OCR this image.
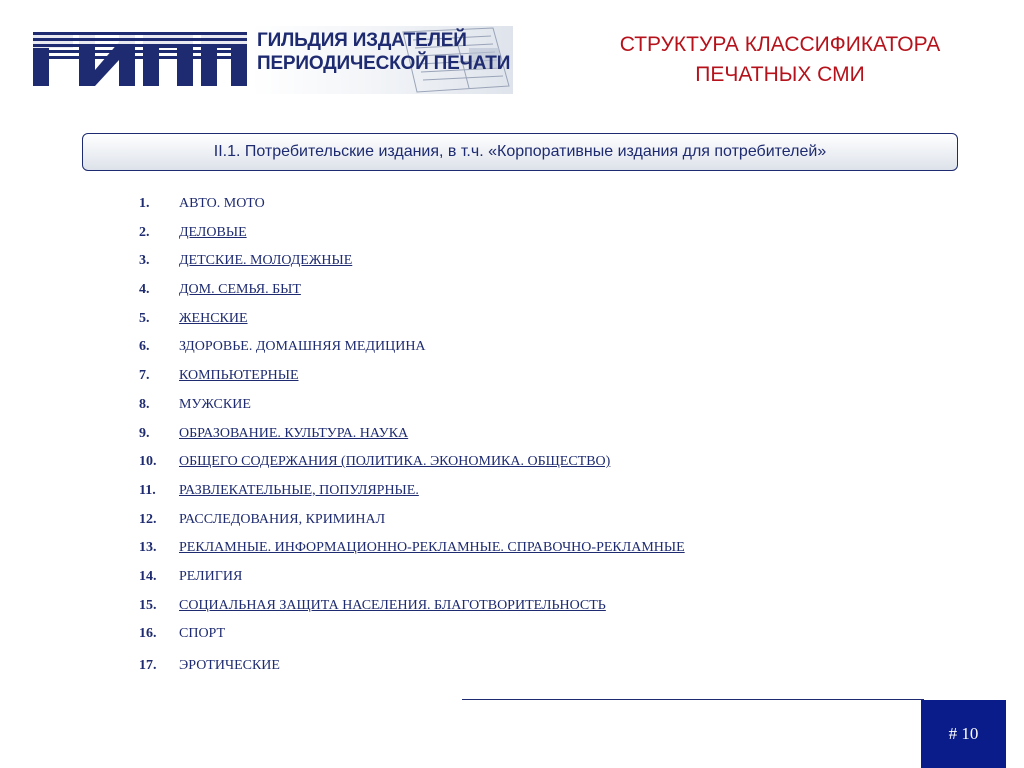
ГИЛЬДИЯ ИЗДАТЕЛЕЙ
ПЕРИОДИЧЕСКОЙ ПЕЧАТИ
СТРУКТУРА КЛАССИФИКАТОРА
ПЕЧАТНЫХ СМИ
II.1. Потребительские издания, в т.ч. «Корпоративные издания для потребителей»
1.	АВТО. МОТО
2.	ДЕЛОВЫЕ
3.	ДЕТСКИЕ. МОЛОДЕЖНЫЕ
4.	ДОМ. СЕМЬЯ. БЫТ
5.	ЖЕНСКИЕ
6.	ЗДОРОВЬЕ. ДОМАШНЯЯ МЕДИЦИНА
7.	КОМПЬЮТЕРНЫЕ
8.	МУЖСКИЕ
9.	ОБРАЗОВАНИЕ. КУЛЬТУРА. НАУКА
10.	ОБЩЕГО СОДЕРЖАНИЯ (ПОЛИТИКА. ЭКОНОМИКА. ОБЩЕСТВО)
11.	РАЗВЛЕКАТЕЛЬНЫЕ, ПОПУЛЯРНЫЕ.
12.	РАССЛЕДОВАНИЯ, КРИМИНАЛ
13.	РЕКЛАМНЫЕ. ИНФОРМАЦИОННО-РЕКЛАМНЫЕ. СПРАВОЧНО-РЕКЛАМНЫЕ
14.	РЕЛИГИЯ
15.	СОЦИАЛЬНАЯ ЗАЩИТА НАСЕЛЕНИЯ. БЛАГОТВОРИТЕЛЬНОСТЬ
16.	СПОРТ
17.	ЭРОТИЧЕСКИЕ
# 10
